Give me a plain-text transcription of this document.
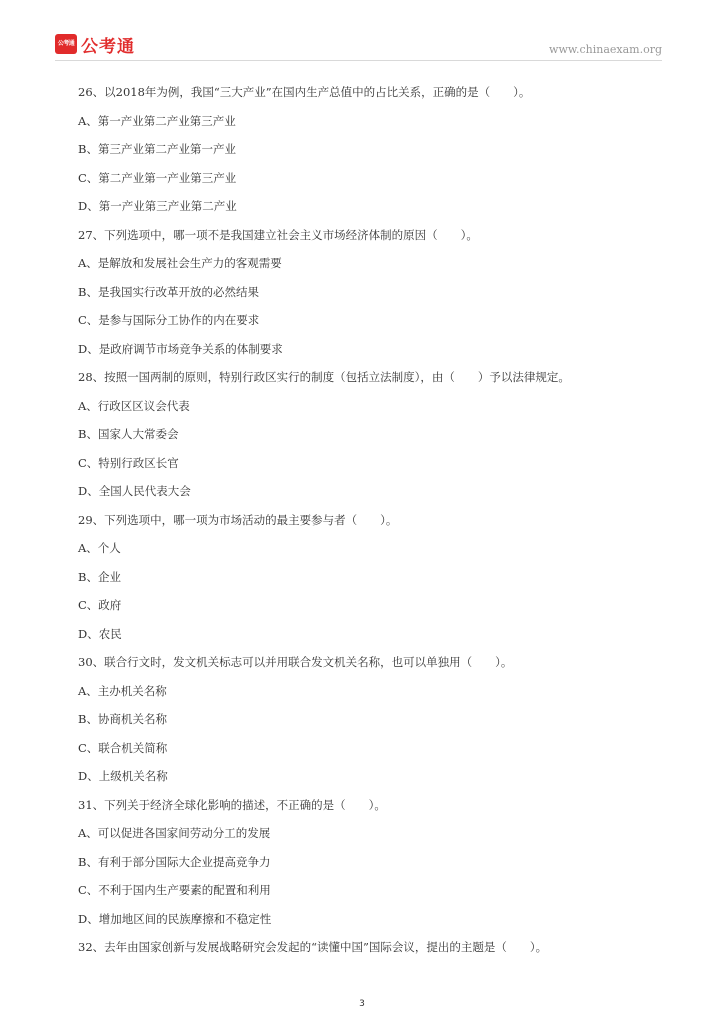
公考通 公考通	www.chinaexam.org
26、以2018年为例，我国“三大产业”在国内生产总值中的占比关系，正确的是（　　）。
A、第一产业第二产业第三产业
B、第三产业第二产业第一产业
C、第二产业第一产业第三产业
D、第一产业第三产业第二产业
27、下列选项中，哪一项不是我国建立社会主义市场经济体制的原因（　　）。
A、是解放和发展社会生产力的客观需要
B、是我国实行改革开放的必然结果
C、是参与国际分工协作的内在要求
D、是政府调节市场竞争关系的体制要求
28、按照一国两制的原则，特别行政区实行的制度（包括立法制度），由（　　）予以法律规定。
A、行政区区议会代表
B、国家人大常委会
C、特别行政区长官
D、全国人民代表大会
29、下列选项中，哪一项为市场活动的最主要参与者（　　）。
A、个人
B、企业
C、政府
D、农民
30、联合行文时，发文机关标志可以并用联合发文机关名称，也可以单独用（　　）。
A、主办机关名称
B、协商机关名称
C、联合机关简称
D、上级机关名称
31、下列关于经济全球化影响的描述，不正确的是（　　）。
A、可以促进各国家间劳动分工的发展
B、有利于部分国际大企业提高竞争力
C、不利于国内生产要素的配置和利用
D、增加地区间的民族摩擦和不稳定性
32、去年由国家创新与发展战略研究会发起的“读懂中国”国际会议，提出的主题是（　　）。
3
